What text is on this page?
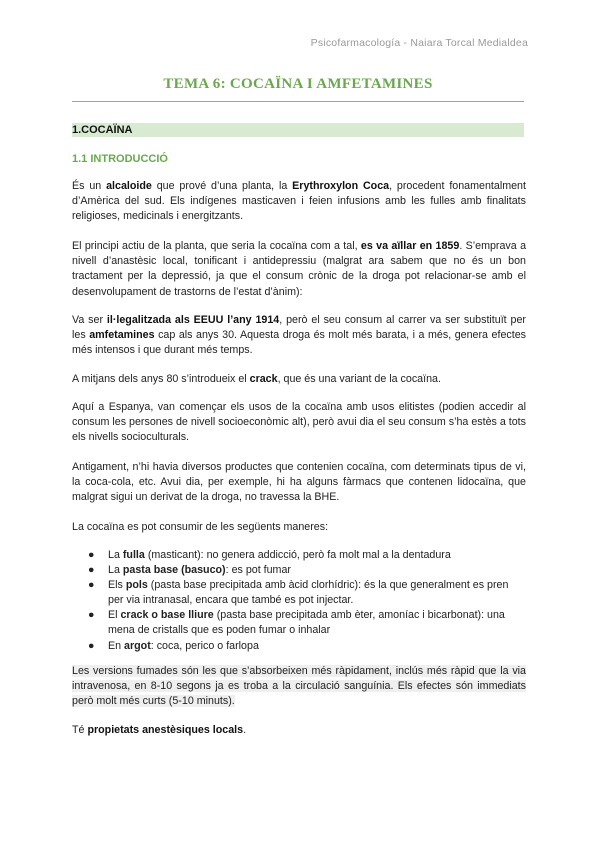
Psicofarmacología - Naiara Torcal Medialdea
TEMA 6: COCAÏNA I AMFETAMINES
1.COCAÏNA
1.1 INTRODUCCIÓ

És un alcaloide que prové d’una planta, la Erythroxylon Coca, procedent fonamentalment d’Amèrica del sud. Els indígenes masticaven i feien infusions amb les fulles amb finalitats religioses, medicinals i energitzants.

El principi actiu de la planta, que seria la cocaïna com a tal, es va aïllar en 1859. S’emprava a nivell d’anastèsic local, tonificant i antidepressiu (malgrat ara sabem que no és un bon tractament per la depressió, ja que el consum crònic de la droga pot relacionar-se amb el desenvolupament de trastorns de l’estat d’ànim):

Va ser il·legalitzada als EEUU l’any 1914, però el seu consum al carrer va ser substituït per les amfetamines cap als anys 30. Aquesta droga és molt més barata, i a més, genera efectes més intensos i que durant més temps.

A mitjans dels anys 80 s’introdueix el crack, que és una variant de la cocaïna.

Aquí a Espanya, van començar els usos de la cocaïna amb usos elitistes (podien accedir al consum les persones de nivell socioeconòmic alt), però avui dia el seu consum s’ha estès a tots els nivells socioculturals.

Antigament, n’hi havia diversos productes que contenien cocaïna, com determinats tipus de vi, la coca-cola, etc. Avui dia, per exemple, hi ha alguns fàrmacs que contenen lidocaïna, que malgrat sigui un derivat de la droga, no travessa la BHE.

La cocaïna es pot consumir de les següents maneres:

● La fulla (masticant): no genera addicció, però fa molt mal a la dentadura
● La pasta base (basuco): es pot fumar
● Els pols (pasta base precipitada amb àcid clorhídric): és la que generalment es pren per via intranasal, encara que també es pot injectar.
● El crack o base lliure (pasta base precipitada amb èter, amoníac i bicarbonat): una mena de cristalls que es poden fumar o inhalar
● En argot: coca, perico o farlopa

Les versions fumades són les que s’absorbeixen més ràpidament, inclús més ràpid que la via intravenosa, en 8-10 segons ja es troba a la circulació sanguínia. Els efectes són immediats però molt més curts (5-10 minuts).

Té propietats anestèsiques locals.
